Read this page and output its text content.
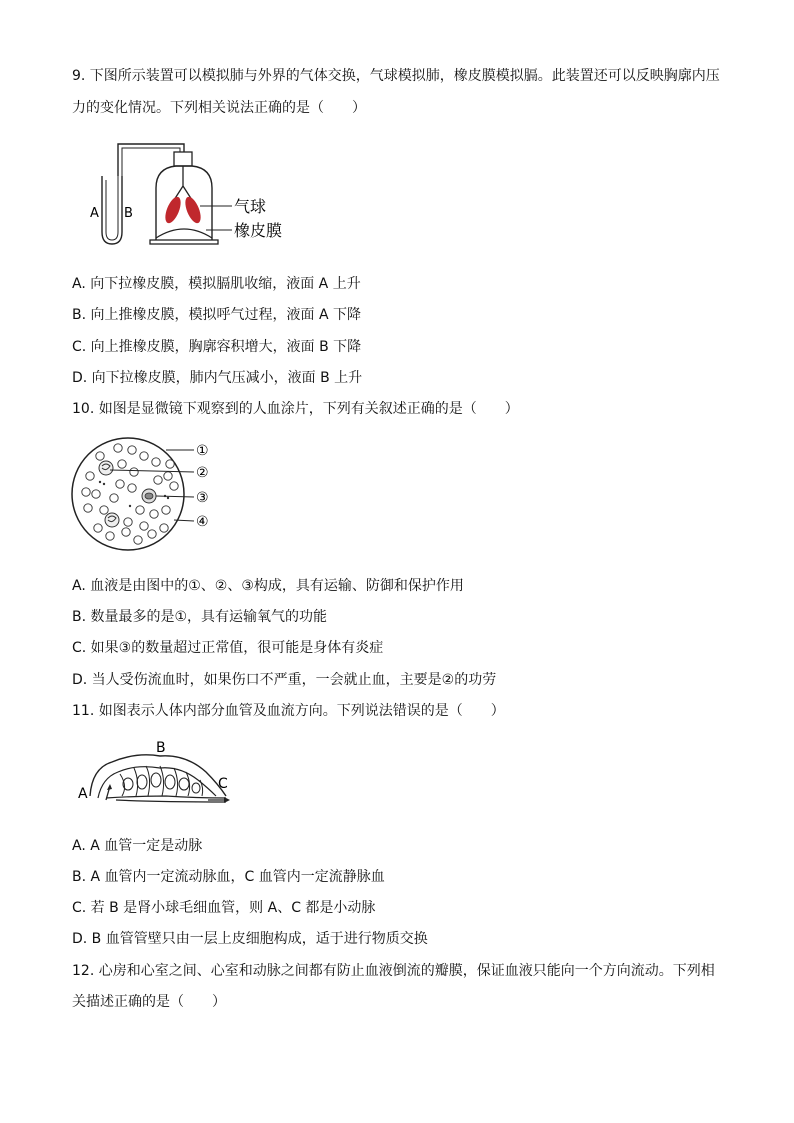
9. 下图所示装置可以模拟肺与外界的气体交换，气球模拟肺，橡皮膜模拟膈。此装置还可以反映胸廓内压
力的变化情况。下列相关说法正确的是（　　）
A B	气球
橡皮膜
A. 向下拉橡皮膜，模拟膈肌收缩，液面 A 上升
B. 向上推橡皮膜，模拟呼气过程，液面 A 下降
C. 向上推橡皮膜，胸廓容积增大，液面 B 下降
D. 向下拉橡皮膜，肺内气压减小，液面 B 上升
10. 如图是显微镜下观察到的人血涂片，下列有关叙述正确的是（　　）
①
②
③
④
A. 血液是由图中的①、②、③构成，具有运输、防御和保护作用
B. 数量最多的是①，具有运输氧气的功能
C. 如果③的数量超过正常值，很可能是身体有炎症
D. 当人受伤流血时，如果伤口不严重，一会就止血，主要是②的功劳
11. 如图表示人体内部分血管及血流方向。下列说法错误的是（　　）
A
B
C
A. A 血管一定是动脉
B. A 血管内一定流动脉血，C 血管内一定流静脉血
C. 若 B 是肾小球毛细血管，则 A、C 都是小动脉
D. B 血管管壁只由一层上皮细胞构成，适于进行物质交换
12. 心房和心室之间、心室和动脉之间都有防止血液倒流的瓣膜，保证血液只能向一个方向流动。下列相
关描述正确的是（　　）
